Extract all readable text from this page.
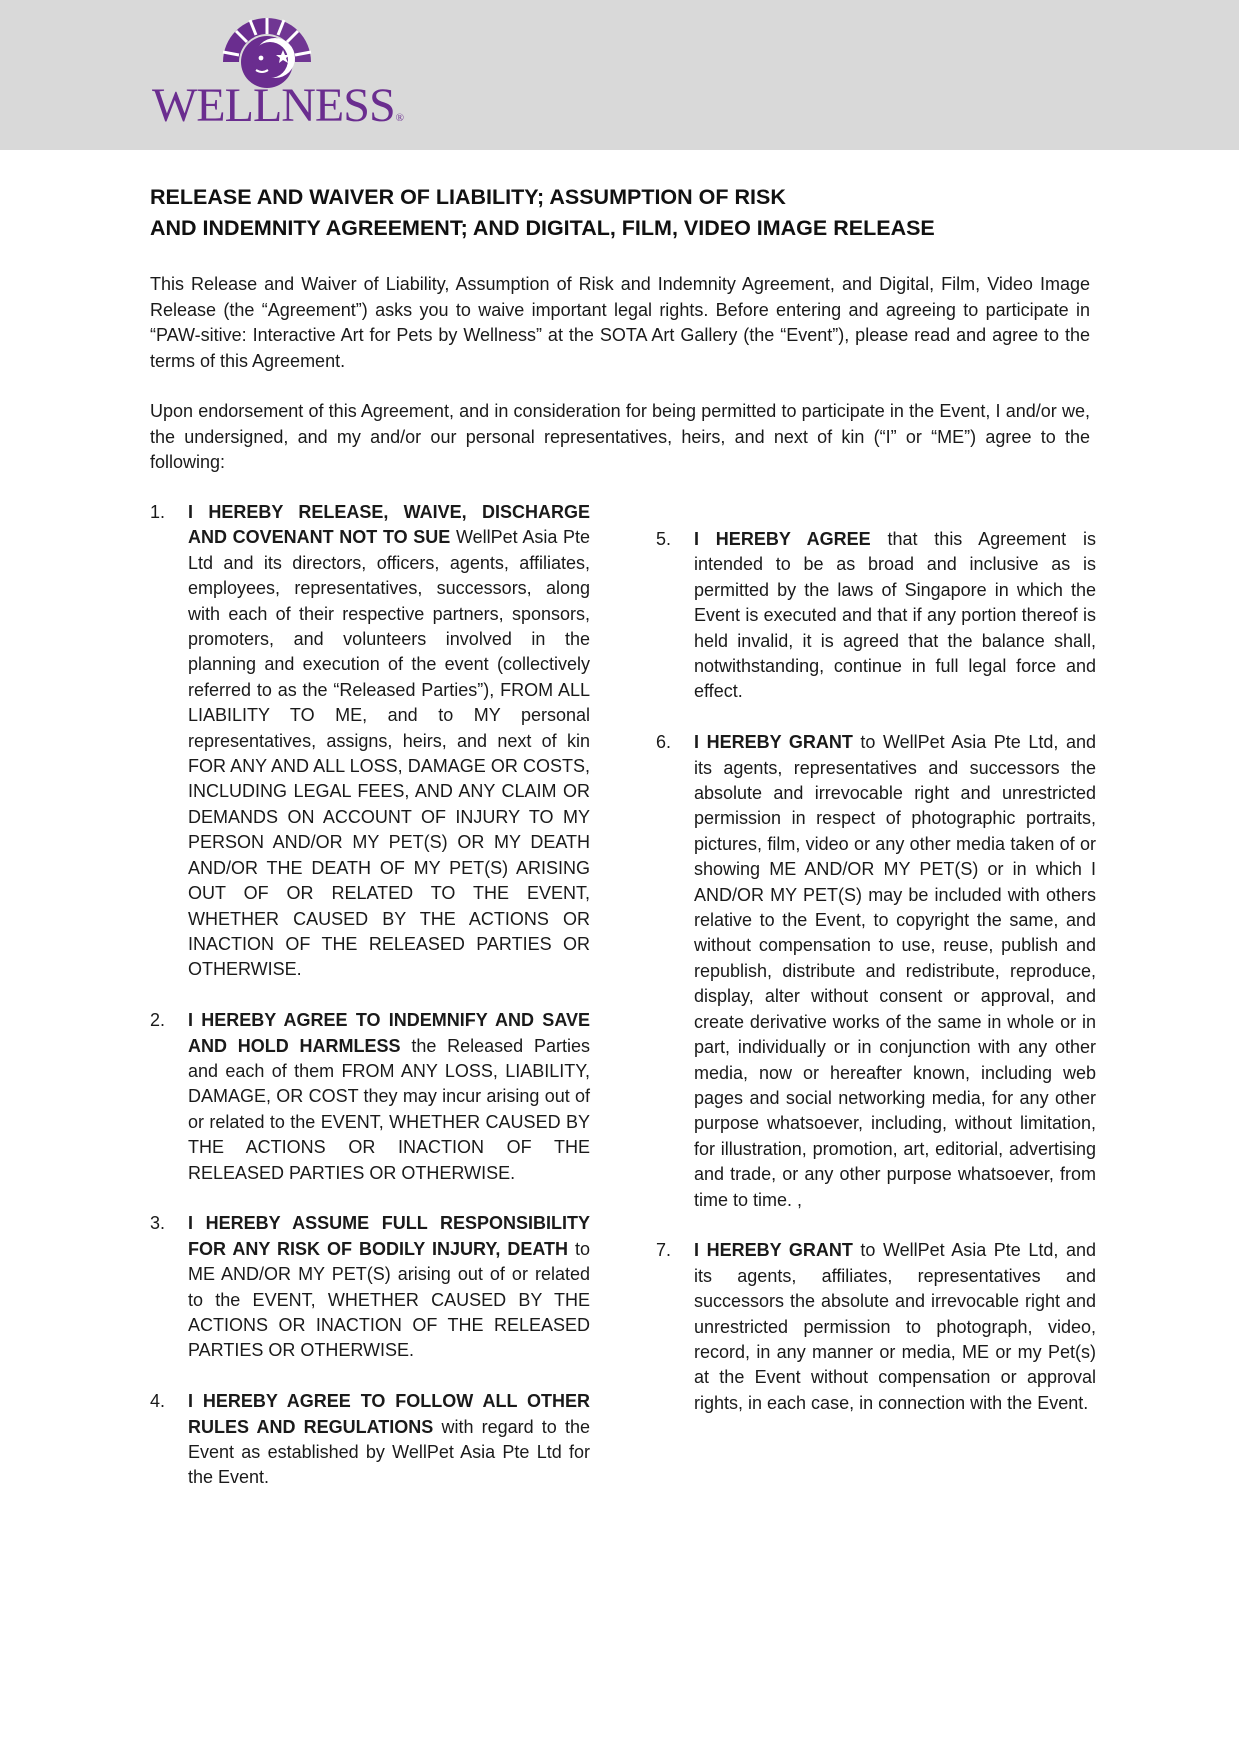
WELLNESS®
RELEASE AND WAIVER OF LIABILITY; ASSUMPTION OF RISK
AND INDEMNITY AGREEMENT; AND DIGITAL, FILM, VIDEO IMAGE RELEASE
This Release and Waiver of Liability, Assumption of Risk and Indemnity Agreement, and Digital, Film, Video Image Release (the “Agreement”) asks you to waive important legal rights. Before entering and agreeing to participate in “PAW-sitive: Interactive Art for Pets by Wellness” at the SOTA Art Gallery (the “Event”), please read and agree to the terms of this Agreement.
Upon endorsement of this Agreement, and in consideration for being permitted to participate in the Event, I and/or we, the undersigned, and my and/or our personal representatives, heirs, and next of kin (“I” or “ME”) agree to the following:
1. I HEREBY RELEASE, WAIVE, DISCHARGE AND COVENANT NOT TO SUE WellPet Asia Pte Ltd and its directors, officers, agents, affiliates, employees, representatives, successors, along with each of their respective partners, sponsors, promoters, and volunteers involved in the planning and execution of the event (collectively referred to as the “Released Parties”), FROM ALL LIABILITY TO ME, and to MY personal representatives, assigns, heirs, and next of kin FOR ANY AND ALL LOSS, DAMAGE OR COSTS, INCLUDING LEGAL FEES, AND ANY CLAIM OR DEMANDS ON ACCOUNT OF INJURY TO MY PERSON AND/OR MY PET(S) OR MY DEATH AND/OR THE DEATH OF MY PET(S) ARISING OUT OF OR RELATED TO THE EVENT, WHETHER CAUSED BY THE ACTIONS OR INACTION OF THE RELEASED PARTIES OR OTHERWISE.
2. I HEREBY AGREE TO INDEMNIFY AND SAVE AND HOLD HARMLESS the Released Parties and each of them FROM ANY LOSS, LIABILITY, DAMAGE, OR COST they may incur arising out of or related to the EVENT, WHETHER CAUSED BY THE ACTIONS OR INACTION OF THE RELEASED PARTIES OR OTHERWISE.
3. I HEREBY ASSUME FULL RESPONSIBILITY FOR ANY RISK OF BODILY INJURY, DEATH to ME AND/OR MY PET(S) arising out of or related to the EVENT, WHETHER CAUSED BY THE ACTIONS OR INACTION OF THE RELEASED PARTIES OR OTHERWISE.
4. I HEREBY AGREE TO FOLLOW ALL OTHER RULES AND REGULATIONS with regard to the Event as established by WellPet Asia Pte Ltd for the Event.
5. I HEREBY AGREE that this Agreement is intended to be as broad and inclusive as is permitted by the laws of Singapore in which the Event is executed and that if any portion thereof is held invalid, it is agreed that the balance shall, notwithstanding, continue in full legal force and effect.
6. I HEREBY GRANT to WellPet Asia Pte Ltd, and its agents, representatives and successors the absolute and irrevocable right and unrestricted permission in respect of photographic portraits, pictures, film, video or any other media taken of or showing ME AND/OR MY PET(S) or in which I AND/OR MY PET(S) may be included with others relative to the Event, to copyright the same, and without compensation to use, reuse, publish and republish, distribute and redistribute, reproduce, display, alter without consent or approval, and create derivative works of the same in whole or in part, individually or in conjunction with any other media, now or hereafter known, including web pages and social networking media, for any other purpose whatsoever, including, without limitation, for illustration, promotion, art, editorial, advertising and trade, or any other purpose whatsoever, from time to time. ,
7. I HEREBY GRANT to WellPet Asia Pte Ltd, and its agents, affiliates, representatives and successors the absolute and irrevocable right and unrestricted permission to photograph, video, record, in any manner or media, ME or my Pet(s) at the Event without compensation or approval rights, in each case, in connection with the Event.
